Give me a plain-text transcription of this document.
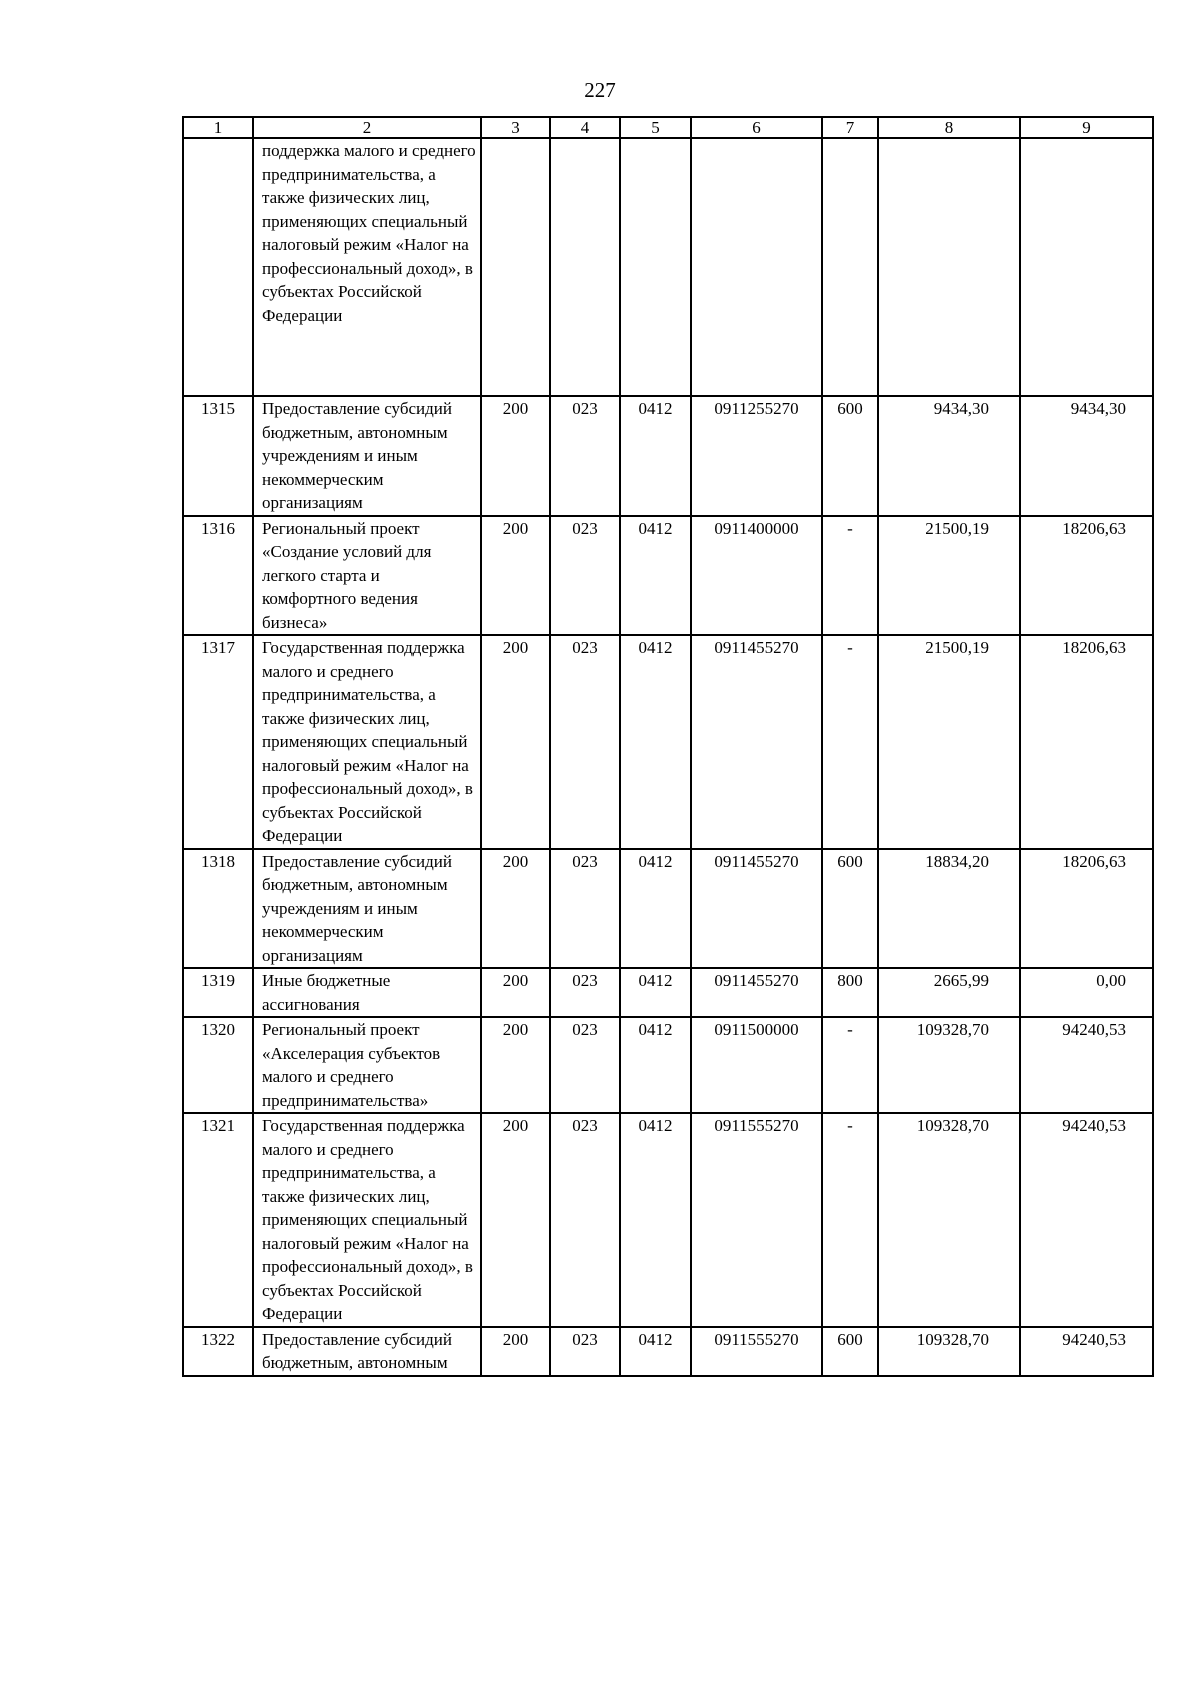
227
1	2	3	4	5	6	7	8	9
	поддержка малого и среднего предпринимательства, а также физических лиц, применяющих специальный налоговый режим «Налог на профессиональный доход», в субъектах Российской Федерации							
1315	Предоставление субсидий бюджетным, автономным учреждениям и иным некоммерческим организациям	200	023	0412	0911255270	600	9434,30	9434,30
1316	Региональный проект «Создание условий для легкого старта и комфортного ведения бизнеса»	200	023	0412	0911400000	-	21500,19	18206,63
1317	Государственная поддержка малого и среднего предпринимательства, а также физических лиц, применяющих специальный налоговый режим «Налог на профессиональный доход», в субъектах Российской Федерации	200	023	0412	0911455270	-	21500,19	18206,63
1318	Предоставление субсидий бюджетным, автономным учреждениям и иным некоммерческим организациям	200	023	0412	0911455270	600	18834,20	18206,63
1319	Иные бюджетные ассигнования	200	023	0412	0911455270	800	2665,99	0,00
1320	Региональный проект «Акселерация субъектов малого и среднего предпринимательства»	200	023	0412	0911500000	-	109328,70	94240,53
1321	Государственная поддержка малого и среднего предпринимательства, а также физических лиц, применяющих специальный налоговый режим «Налог на профессиональный доход», в субъектах Российской Федерации	200	023	0412	0911555270	-	109328,70	94240,53
1322	Предоставление субсидий бюджетным, автономным	200	023	0412	0911555270	600	109328,70	94240,53
